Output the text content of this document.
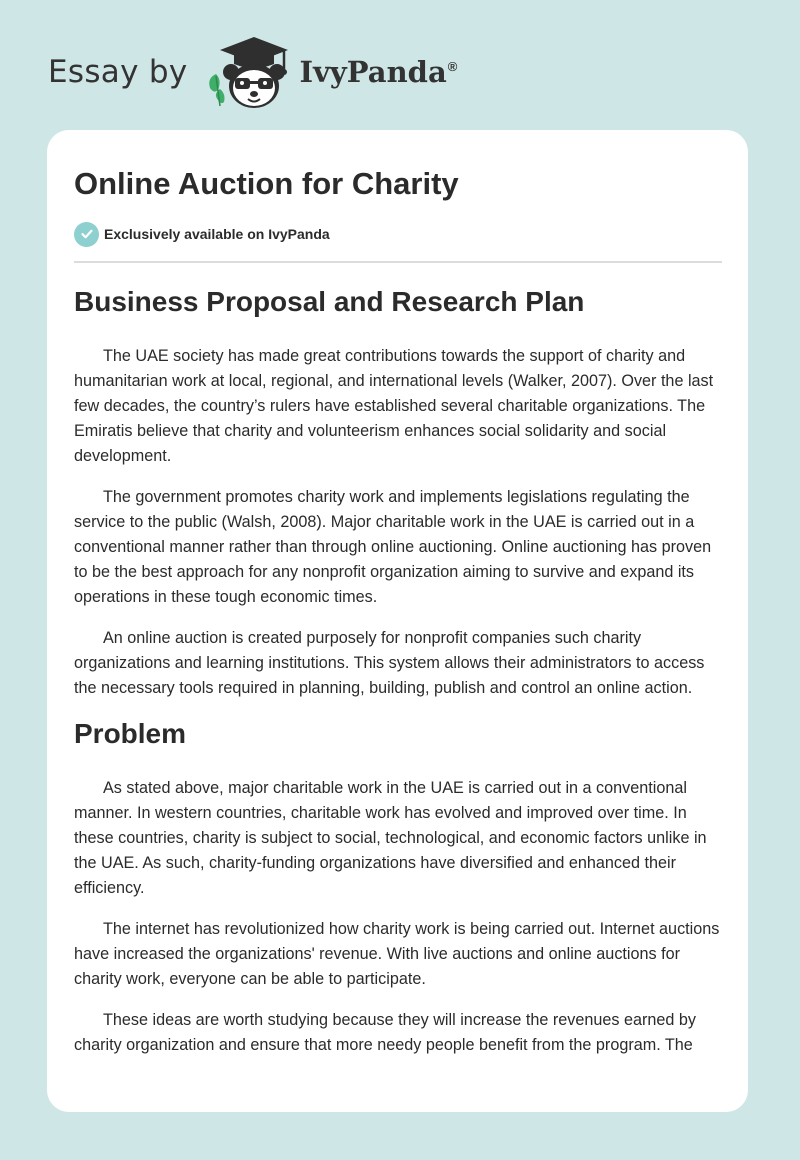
Essay by	IvyPanda®
Online Auction for Charity
Exclusively available on IvyPanda
Business Proposal and Research Plan

The UAE society has made great contributions towards the support of charity and humanitarian work at local, regional, and international levels (Walker, 2007). Over the last few decades, the country’s rulers have established several charitable organizations. The Emiratis believe that charity and volunteerism enhances social solidarity and social development.

The government promotes charity work and implements legislations regulating the service to the public (Walsh, 2008). Major charitable work in the UAE is carried out in a conventional manner rather than through online auctioning. Online auctioning has proven to be the best approach for any nonprofit organization aiming to survive and expand its operations in these tough economic times.

An online auction is created purposely for nonprofit companies such charity organizations and learning institutions. This system allows their administrators to access the necessary tools required in planning, building, publish and control an online action.

Problem

As stated above, major charitable work in the UAE is carried out in a conventional manner. In western countries, charitable work has evolved and improved over time. In these countries, charity is subject to social, technological, and economic factors unlike in the UAE. As such, charity-funding organizations have diversified and enhanced their efficiency.

The internet has revolutionized how charity work is being carried out. Internet auctions have increased the organizations' revenue. With live auctions and online auctions for charity work, everyone can be able to participate.

These ideas are worth studying because they will increase the revenues earned by charity organization and ensure that more needy people benefit from the program. The
